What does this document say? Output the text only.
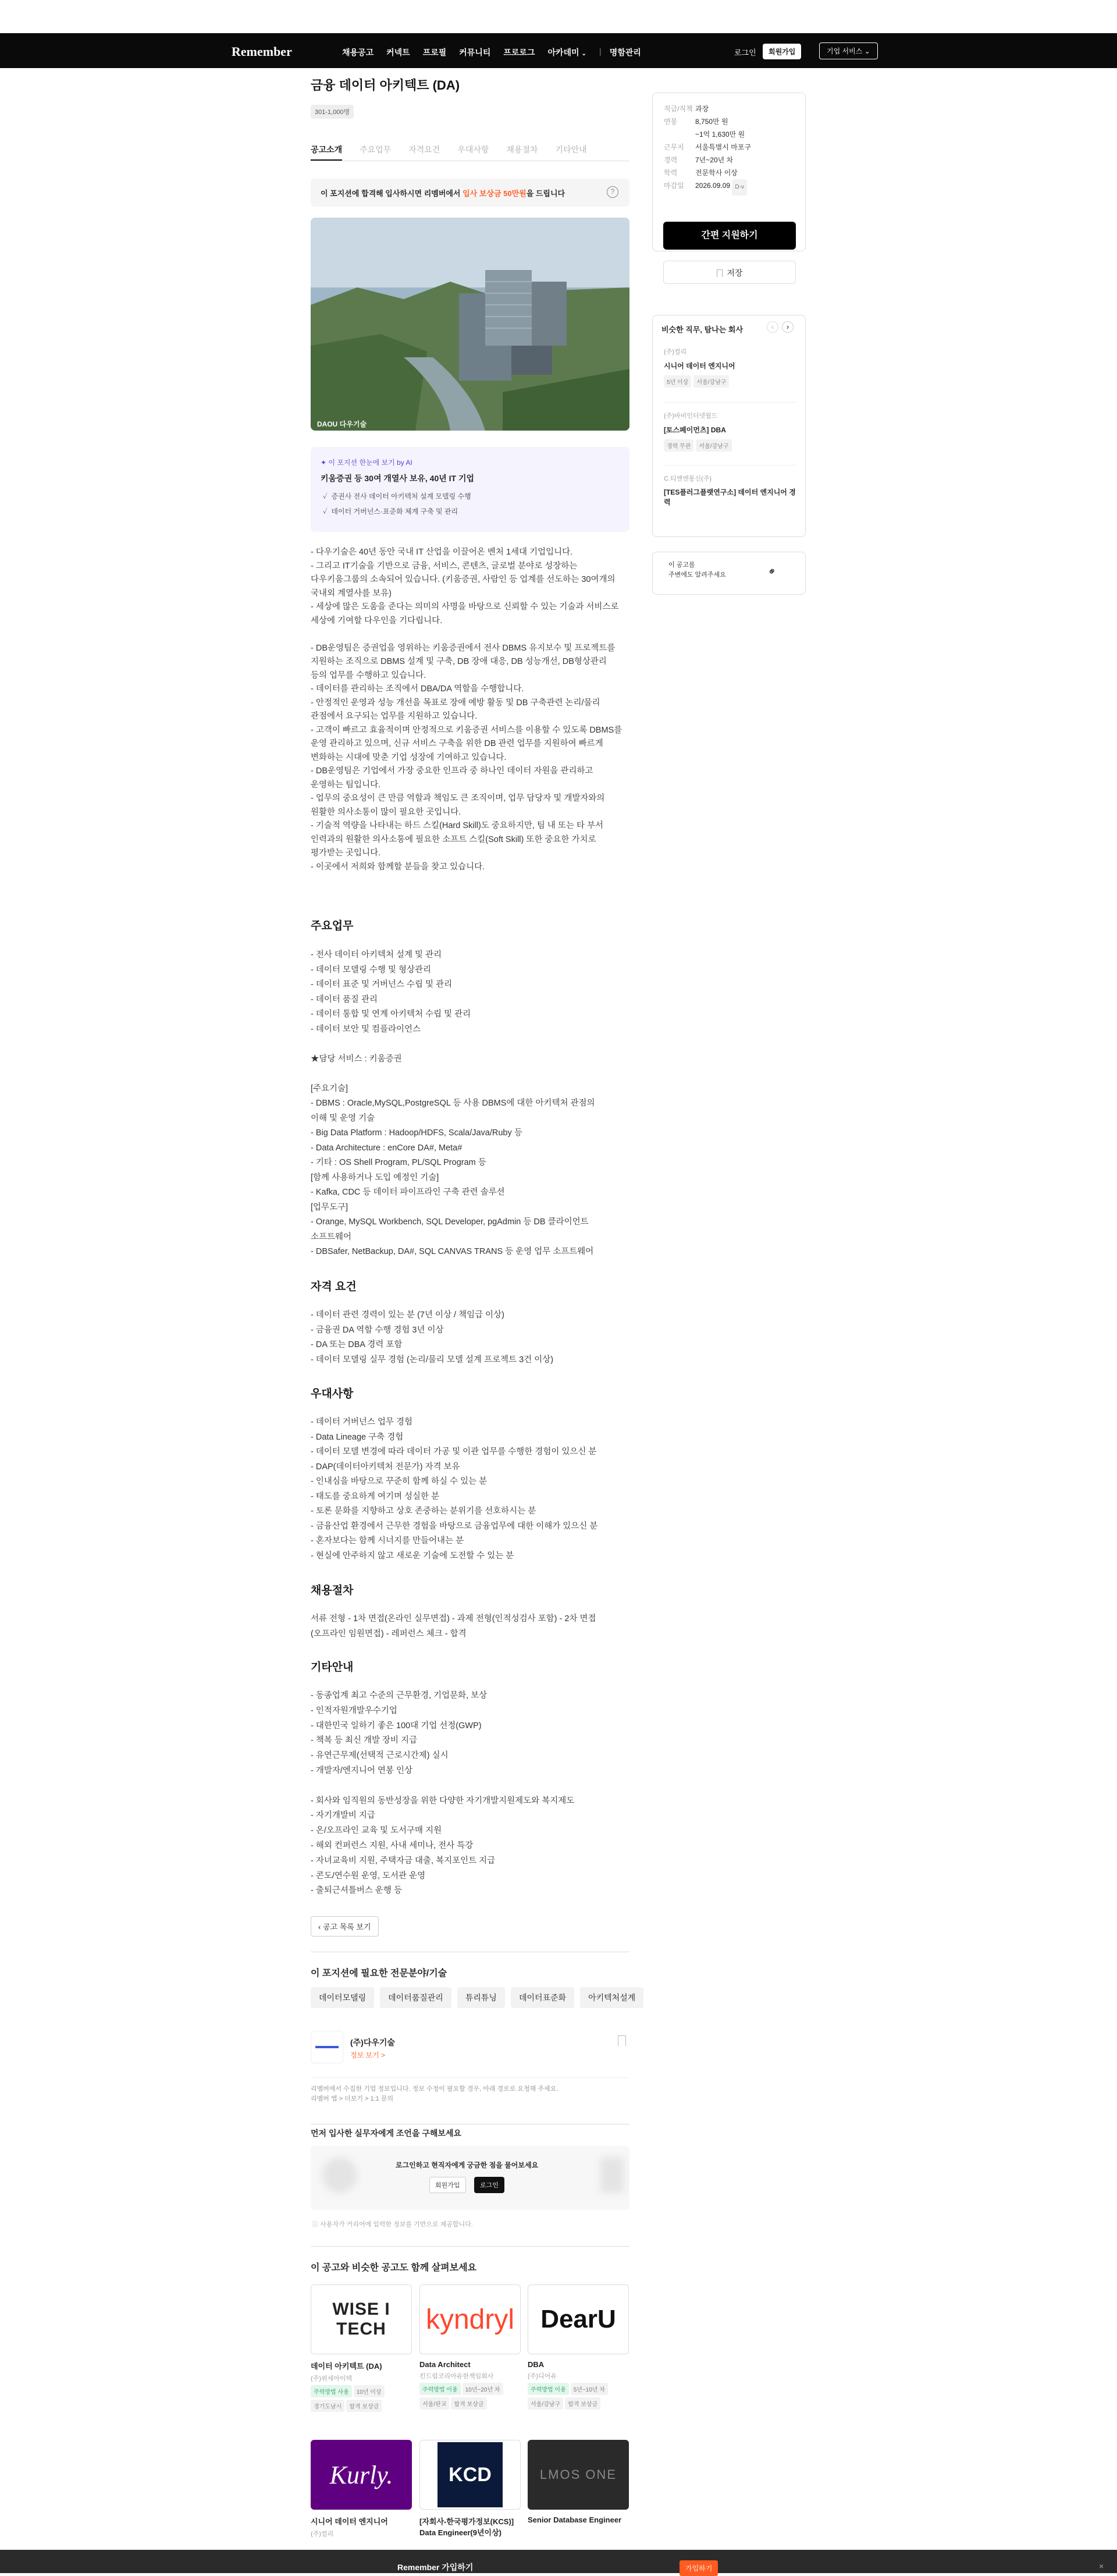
Remember	채용공고 커넥트 프로필 커뮤니티 프로로그 아카데미 ⌄ | 명함관리	로그인	회원가입	기업 서비스 ⌄
금융 데이터 아키텍트 (DA)
301-1,000명
공고소개 주요업무 자격요건 우대사항 채용절차 기타안내
이 포지션에 합격해 입사하시면 리멤버에서 입사 보상금 50만원을 드립니다	?
DAOU 다우기술
✦ 이 포지션 한눈에 보기 by AI
키움증권 등 30여 개열사 보유, 40년 IT 기업
✓ 증권사 전사 데이터 아키텍처 설계 모델링 수행
✓ 데이터 거버넌스·표준화 체계 구축 및 관리
- 다우기술은 40년 동안 국내 IT 산업을 이끌어온 벤처 1세대 기업입니다.
- 그리고 IT기술을 기반으로 금융, 서비스, 콘텐츠, 글로벌 분야로 성장하는
다우키움그룹의 소속되어 있습니다. (키움증권, 사람인 등 업계를 선도하는 30여개의
국내외 계열사를 보유)
- 세상에 많은 도움을 준다는 의미의 사명을 바탕으로 신뢰할 수 있는 기술과 서비스로
세상에 기여할 다우인을 기다립니다.

- DB운영팀은 증권업을 영위하는 키움증권에서 전사 DBMS 유지보수 및 프로젝트를
지원하는 조직으로 DBMS 설계 및 구축, DB 장애 대응, DB 성능개선, DB형상관리
등의 업무를 수행하고 있습니다.
- 데이터를 관리하는 조직에서 DBA/DA 역할을 수행합니다.
- 안정적인 운영과 성능 개선을 목표로 장애 예방 활동 및 DB 구축관련 논리/물리
관점에서 요구되는 업무를 지원하고 있습니다.
- 고객이 빠르고 효율적이며 안정적으로 키움증권 서비스를 이용할 수 있도록 DBMS를
운영 관리하고 있으며, 신규 서비스 구축을 위한 DB 관련 업무를 지원하여 빠르게
변화하는 시대에 맞춘 기업 성장에 기여하고 있습니다.
- DB운영팀은 기업에서 가장 중요한 인프라 중 하나인 데이터 자원을 관리하고
운영하는 팀입니다.
- 업무의 중요성이 큰 만큼 역할과 책임도 큰 조직이며, 업무 담당자 및 개발자와의
원활한 의사소통이 많이 필요한 곳입니다.
- 기술적 역량을 나타내는 하드 스킬(Hard Skill)도 중요하지만, 팀 내 또는 타 부서
인력과의 원활한 의사소통에 필요한 소프트 스킬(Soft Skill) 또한 중요한 가치로
평가받는 곳입니다.
- 이곳에서 저희와 함께할 분들을 찾고 있습니다.
주요업무
- 전사 데이터 아키텍처 설계 및 관리
- 데이터 모델링 수행 및 형상관리
- 데이터 표준 및 거버넌스 수립 및 관리
- 데이터 품질 관리
- 데이터 통합 및 연계 아키텍처 수립 및 관리
- 데이터 보안 및 컴플라이언스

★담당 서비스 : 키움증권

[주요기술]
- DBMS : Oracle,MySQL,PostgreSQL 등 사용 DBMS에 대한 아키텍처 관점의
이해 및 운영 기술
- Big Data Platform : Hadoop/HDFS, Scala/Java/Ruby 등
- Data Architecture : enCore DA#, Meta#
- 기타 : OS Shell Program, PL/SQL Program 등
[함께 사용하거나 도입 예정인 기술]
- Kafka, CDC 등 데이터 파이프라인 구축 관련 솔루션
[업무도구]
- Orange, MySQL Workbench, SQL Developer, pgAdmin 등 DB 클라이언트
소프트웨어
- DBSafer, NetBackup, DA#, SQL CANVAS TRANS 등 운영 업무 소프트웨어
자격 요건
- 데이터 관련 경력이 있는 분 (7년 이상 / 책임급 이상)
- 금융권 DA 역할 수행 경험 3년 이상
- DA 또는 DBA 경력 포함
- 데이터 모델링 실무 경험 (논리/물리 모델 설계 프로젝트 3건 이상)
우대사항
- 데이터 거버넌스 업무 경험
- Data Lineage 구축 경험
- 데이터 모델 변경에 따라 데이터 가공 및 이관 업무를 수행한 경험이 있으신 분
- DAP(데이터아키텍처 전문가) 자격 보유
- 인내심을 바탕으로 꾸준히 함께 하실 수 있는 분
- 태도를 중요하게 여기며 성실한 분
- 토론 문화를 지향하고 상호 존중하는 분위기를 선호하시는 분
- 금융산업 환경에서 근무한 경험을 바탕으로 금융업무에 대한 이해가 있으신 분
- 혼자보다는 함께 시너지를 만들어내는 분
- 현실에 안주하지 않고 새로운 기술에 도전할 수 있는 분
채용절차
서류 전형 - 1차 면접(온라인 실무면접) - 과제 전형(인적성검사 포함) - 2차 면접
(오프라인 임원면접) - 레퍼런스 체크 - 합격
기타안내
- 동종업계 최고 수준의 근무환경, 기업문화, 보상
- 인적자원개발우수기업
- 대한민국 일하기 좋은 100대 기업 선정(GWP)
- 책복 등 최신 개발 장비 지급
- 유연근무제(선택적 근로시간제) 실시
- 개발자/엔지니어 연봉 인상

- 회사와 임직원의 동반성장을 위한 다양한 자기개발지원제도와 복지제도
- 자기개발비 지급
- 온/오프라인 교육 및 도서구매 지원
- 해외 컨퍼런스 지원, 사내 세미나, 전사 특강
- 자녀교육비 지원, 주택자금 대출, 복지포인트 지급
- 콘도/연수원 운영, 도서관 운영
- 출퇴근셔틀버스 운행 등
‹ 공고 목록 보기
이 포지션에 필요한 전문분야/기술
데이터모델링	데이터품질관리	튜리튜닝	데이터표준화	아키텍처설계
(주)다우기술
정보 보기 >
리멤버에서 수집한 기업 정보입니다. 정보 수정이 필요할 경우, 아래 경로로 요청해 주세요.
리멤버 앱 > 더보기 > 1:1 문의
먼저 입사한 실무자에게 조언을 구해보세요
로그인하고 현직자에게 궁금한 점을 물어보세요
회원가입	로그인
ⓘ 사용자가 커리어에 입력한 정보를 기반으로 제공합니다.
이 공고와 비슷한 공고도 함께 살펴보세요
WISE I TECH
데이터 아키텍트 (DA)
(주)위세아이텍
주력방법 사용 10년 이상경기도남시 합격 보상금
kyndryl
Data Architect
킨드림코리아유한책임회사
주력방법 이용 10년~20년 차서울/판교 합격 보상금
DearU
DBA
(주)디어유
주력방법 이용 5년~10년 차서울/강남구 합격 보상금
Kurly.
시니어 데이터 엔지니어
(주)컬리
KCD
[자회사-한국평가정보(KCS)] Data Engineer(9년이상)
LMOS ONE
Senior Database Engineer
직급/직책 과장
연봉	8,750만 원
~1억 1,630만 원
근무지	서울특별시 마포구
경력	7년~20년 차
학력	전문학사 이상
마감일	2026.09.09
D-v
간편 지원하기
저장
비슷한 직무, 탐나는 회사	‹	›
(주)컬리
시니어 데이터 엔지니어
5년 이상 서울/강남구
(주)바비인터넷월드
[토스페이먼츠] DBA
경력 무관 서울/강남구
C.티엔엔통신(주)
[TES플러그플랫연구소] 데이터 엔지니어 경력
이 공고를
주변에도 알려주세요	⚭
Remember 가입하기	가입하기	×
